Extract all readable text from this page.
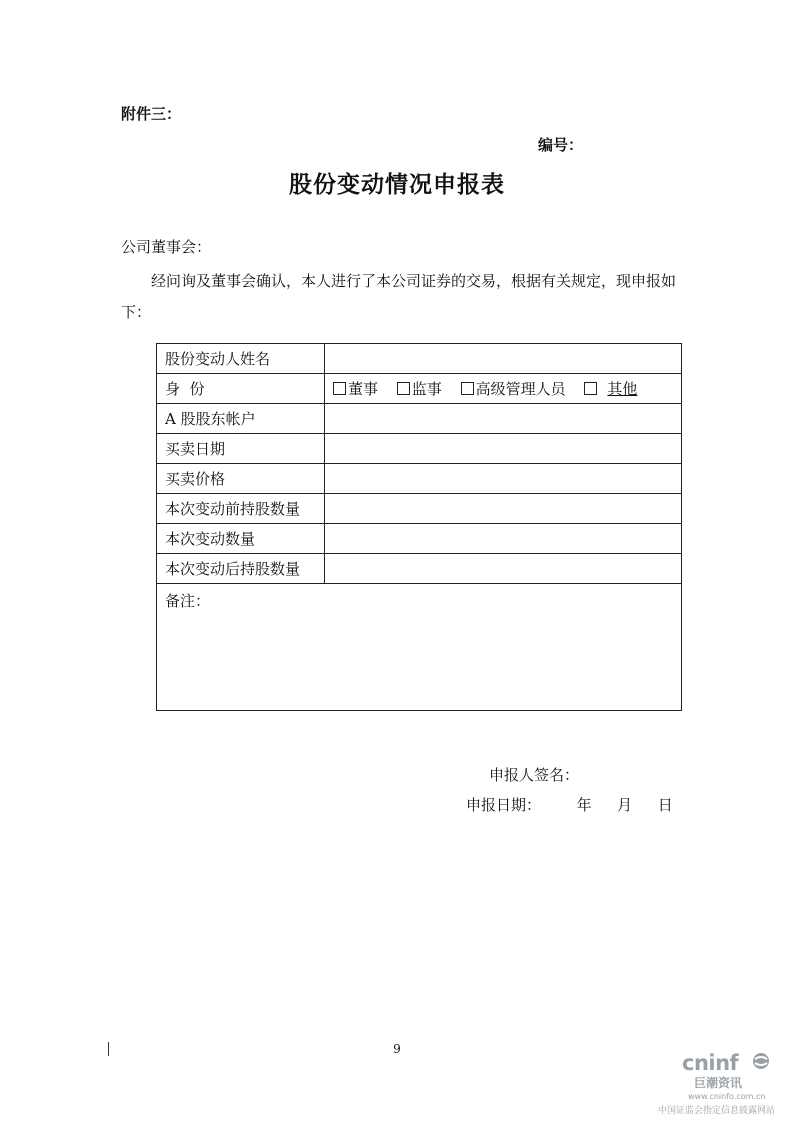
附件三：
编号：
股份变动情况申报表
公司董事会：
经问询及董事会确认，本人进行了本公司证券的交易，根据有关规定，现申报如下：
股份变动人姓名	
身  份	董事 监事 高级管理人员 其他
A 股股东帐户	
买卖日期	
买卖价格	
本次变动前持股数量	
本次变动数量	
本次变动后持股数量	
备注：	
申报人签名：
申报日期： 年 月 日
9
cninf
巨潮资讯
www.cninfo.com.cn
中国证监会指定信息披露网站
